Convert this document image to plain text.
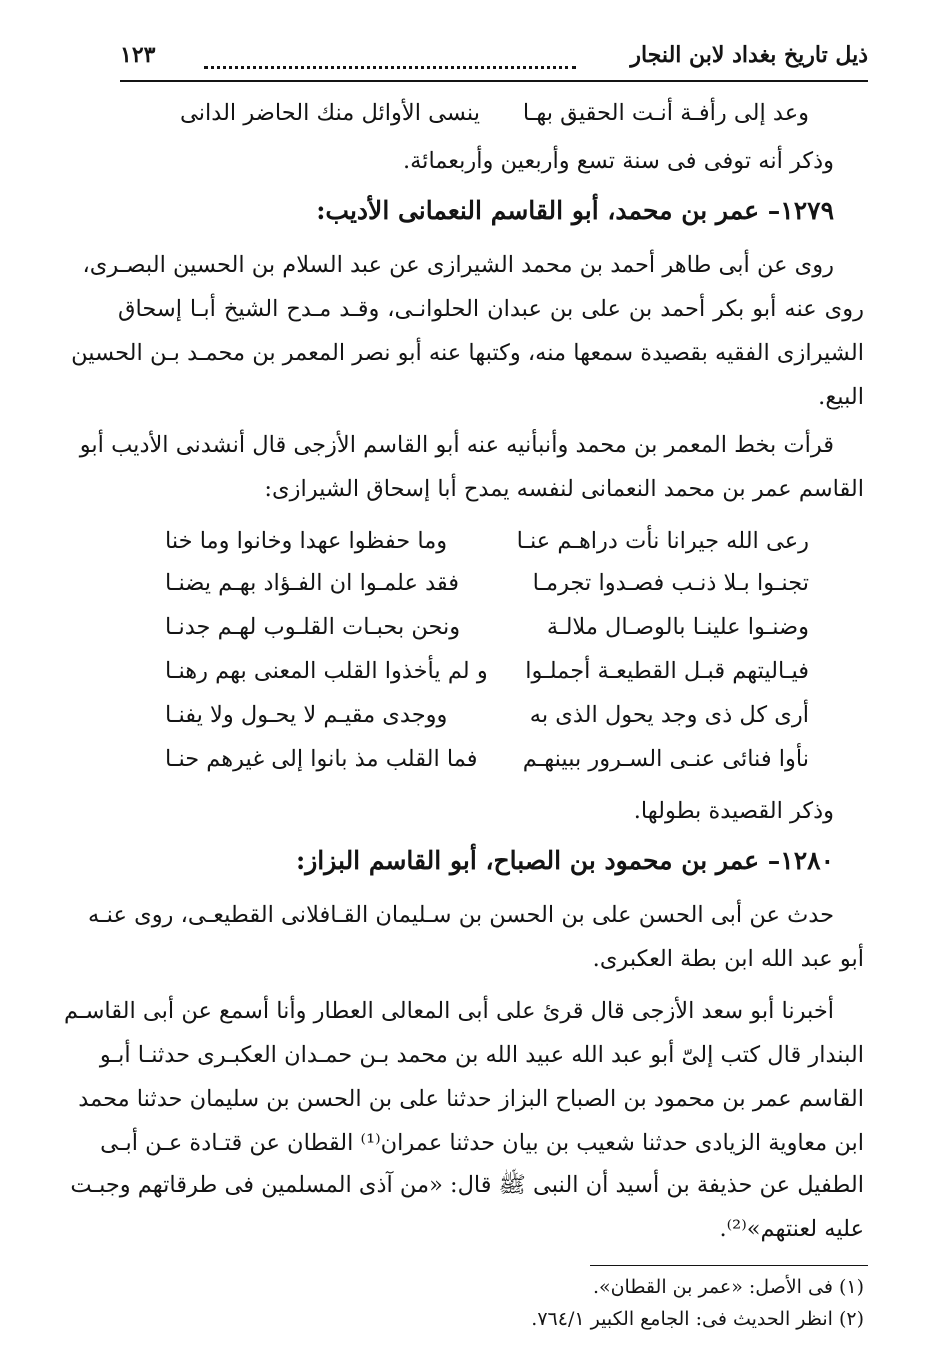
ذيل تاريخ بغداد لابن النجار
١٢٣
وعد إلى رأفـة أنـت الحقيق بهـا
ينسى الأوائل منك الحاضر الدانى
وذكر أنه توفى فى سنة تسع وأربعين وأربعمائة.
١٢٧٩– عمر بن محمد، أبو القاسم النعمانى الأديب:
روى عن أبى طاهر أحمد بن محمد الشيرازى عن عبد السلام بن الحسين البصـرى،
روى عنه أبو بكر أحمد بن على بن عبدان الحلوانـى، وقـد مـدح الشيخ أبـا إسحاق
الشيرازى الفقيه بقصيدة سمعها منه، وكتبها عنه أبو نصر المعمر بن محمـد بـن الحسين
البيع.
قرأت بخط المعمر بن محمد وأنبأنيه عنه أبو القاسم الأزجى قال أنشدنى الأديب أبو
القاسم عمر بن محمد النعمانى لنفسه يمدح أبا إسحاق الشيرازى:
رعى الله جيرانا نأت دراهـم عنـا
وما حفظوا عهدا وخانوا وما خنا
تجنـوا بـلا ذنـب فصـدوا تجرمـا
فقد علمـوا ان الفـؤاد بهـم يضنـا
وضنـوا علينـا بالوصـال ملالـة
ونحن بحبـات القلـوب لهـم جدنـا
فيـاليتهم قبـل القطيعـة أجملـوا
و لم يأخذوا القلب المعنى بهم رهنـا
أرى كل ذى وجد يحول الذى به
ووجدى مقيـم لا يحـول ولا يفنـا
نأوا فنائى عنـى السـرور ببينهـم
فما القلب مذ بانوا إلى غيرهم حنـا
وذكر القصيدة بطولها.
١٢٨٠– عمر بن محمود بن الصباح، أبو القاسم البزاز:
حدث عن أبى الحسن على بن الحسن بن سـليمان القـافلانى القطيعـى، روى عنـه
أبو عبد الله ابن بطة العكبرى.
أخبرنا أبو سعد الأزجى قال قرئ على أبى المعالى العطار وأنا أسمع عن أبى القاسـم
البندار قال كتب إلىّ أبو عبد الله عبيد الله بن محمد بـن حمـدان العكبـرى حدثنـا أبـو
القاسم عمر بن محمود بن الصباح البزاز حدثنا على بن الحسن بن سليمان حدثنا محمد
ابن معاوية الزيادى حدثنا شعيب بن بيان حدثنا عمران⁽¹⁾ القطان عن قتـادة عـن أبـى
الطفيل عن حذيفة بن أسيد أن النبى ﷺ قال: «من آذى المسلمين فى طرقاتهم وجبـت
عليه لعنتهم»⁽²⁾.
(١) فى الأصل: «عمر بن القطان».
(٢) انظر الحديث فى: الجامع الكبير ٧٦٤/١.
